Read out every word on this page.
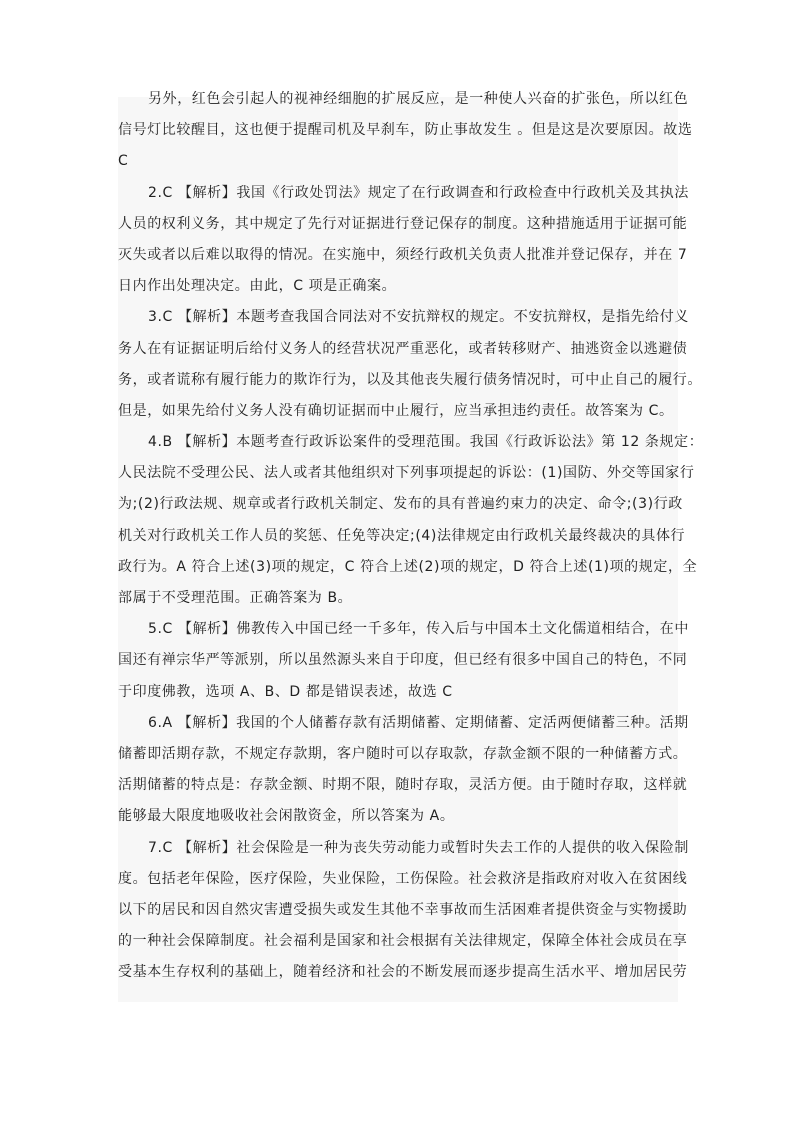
另外，红色会引起人的视神经细胞的扩展反应，是一种使人兴奋的扩张色，所以红色
信号灯比较醒目，这也便于提醒司机及早刹车，防止事故发生 。但是这是次要原因。故选
C
2.C 【解析】我国《行政处罚法》规定了在行政调查和行政检查中行政机关及其执法
人员的权利义务，其中规定了先行对证据进行登记保存的制度。这种措施适用于证据可能
灭失或者以后难以取得的情况。在实施中，须经行政机关负责人批准并登记保存，并在 7
日内作出处理决定。由此，C 项是正确案。
3.C 【解析】本题考查我国合同法对不安抗辩权的规定。不安抗辩权，是指先给付义
务人在有证据证明后给付义务人的经营状况严重恶化，或者转移财产、抽逃资金以逃避债
务，或者谎称有履行能力的欺诈行为，以及其他丧失履行债务情况时，可中止自己的履行。
但是，如果先给付义务人没有确切证据而中止履行，应当承担违约责任。故答案为 C。
4.B 【解析】本题考查行政诉讼案件的受理范围。我国《行政诉讼法》第 12 条规定：
人民法院不受理公民、法人或者其他组织对下列事项提起的诉讼：(1)国防、外交等国家行
为;(2)行政法规、规章或者行政机关制定、发布的具有普遍约束力的决定、命令;(3)行政
机关对行政机关工作人员的奖惩、任免等决定;(4)法律规定由行政机关最终裁决的具体行
政行为。A 符合上述(3)项的规定，C 符合上述(2)项的规定，D 符合上述(1)项的规定，全
部属于不受理范围。正确答案为 B。
5.C 【解析】佛教传入中国已经一千多年，传入后与中国本土文化儒道相结合，在中
国还有禅宗华严等派别，所以虽然源头来自于印度，但已经有很多中国自己的特色，不同
于印度佛教，选项 A、B、D 都是错误表述，故选 C
6.A 【解析】我国的个人储蓄存款有活期储蓄、定期储蓄、定活两便储蓄三种。活期
储蓄即活期存款，不规定存款期，客户随时可以存取款，存款金额不限的一种储蓄方式。
活期储蓄的特点是：存款金额、时期不限，随时存取，灵活方便。由于随时存取，这样就
能够最大限度地吸收社会闲散资金，所以答案为 A。
7.C 【解析】社会保险是一种为丧失劳动能力或暂时失去工作的人提供的收入保险制
度。包括老年保险，医疗保险，失业保险，工伤保险。社会救济是指政府对收入在贫困线
以下的居民和因自然灾害遭受损失或发生其他不幸事故而生活困难者提供资金与实物援助
的一种社会保障制度。社会福利是国家和社会根据有关法律规定，保障全体社会成员在享
受基本生存权利的基础上，随着经济和社会的不断发展而逐步提高生活水平、增加居民劳
